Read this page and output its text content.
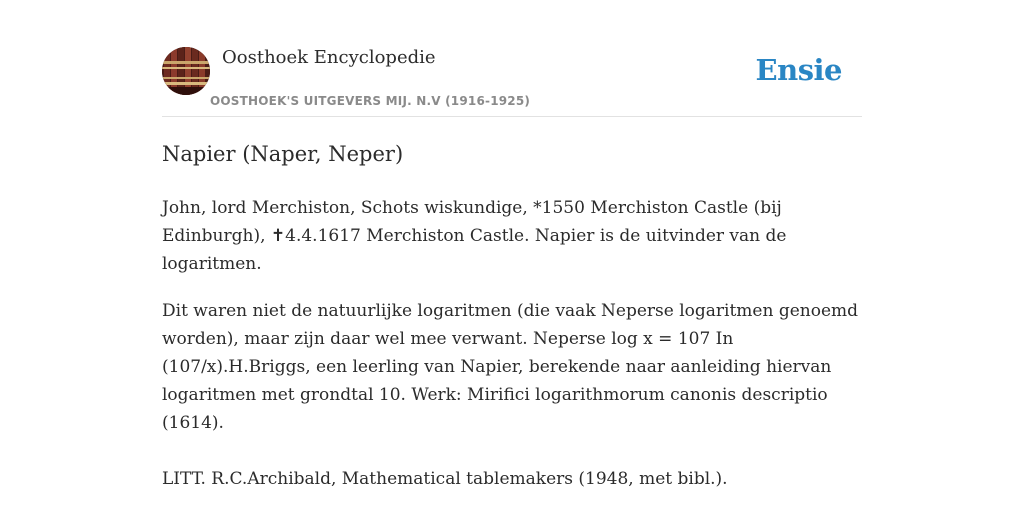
Oosthoek Encyclopedie
OOSTHOEK'S UITGEVERS MIJ. N.V (1916-1925)
Ensie
Napier (Naper, Neper)

John, lord Merchiston, Schots wiskundige, *1550 Merchiston Castle (bij Edinburgh), ✝4.4.1617 Merchiston Castle. Napier is de uitvinder van de logaritmen.

Dit waren niet de natuurlijke logaritmen (die vaak Neperse logaritmen genoemd worden), maar zijn daar wel mee verwant. Neperse log x = 107 In (107/x).H.Briggs, een leerling van Napier, berekende naar aanleiding hiervan logaritmen met grondtal 10. Werk: Mirifici logarithmorum canonis descriptio (1614).

LITT. R.C.Archibald, Mathematical tablemakers (1948, met bibl.).
